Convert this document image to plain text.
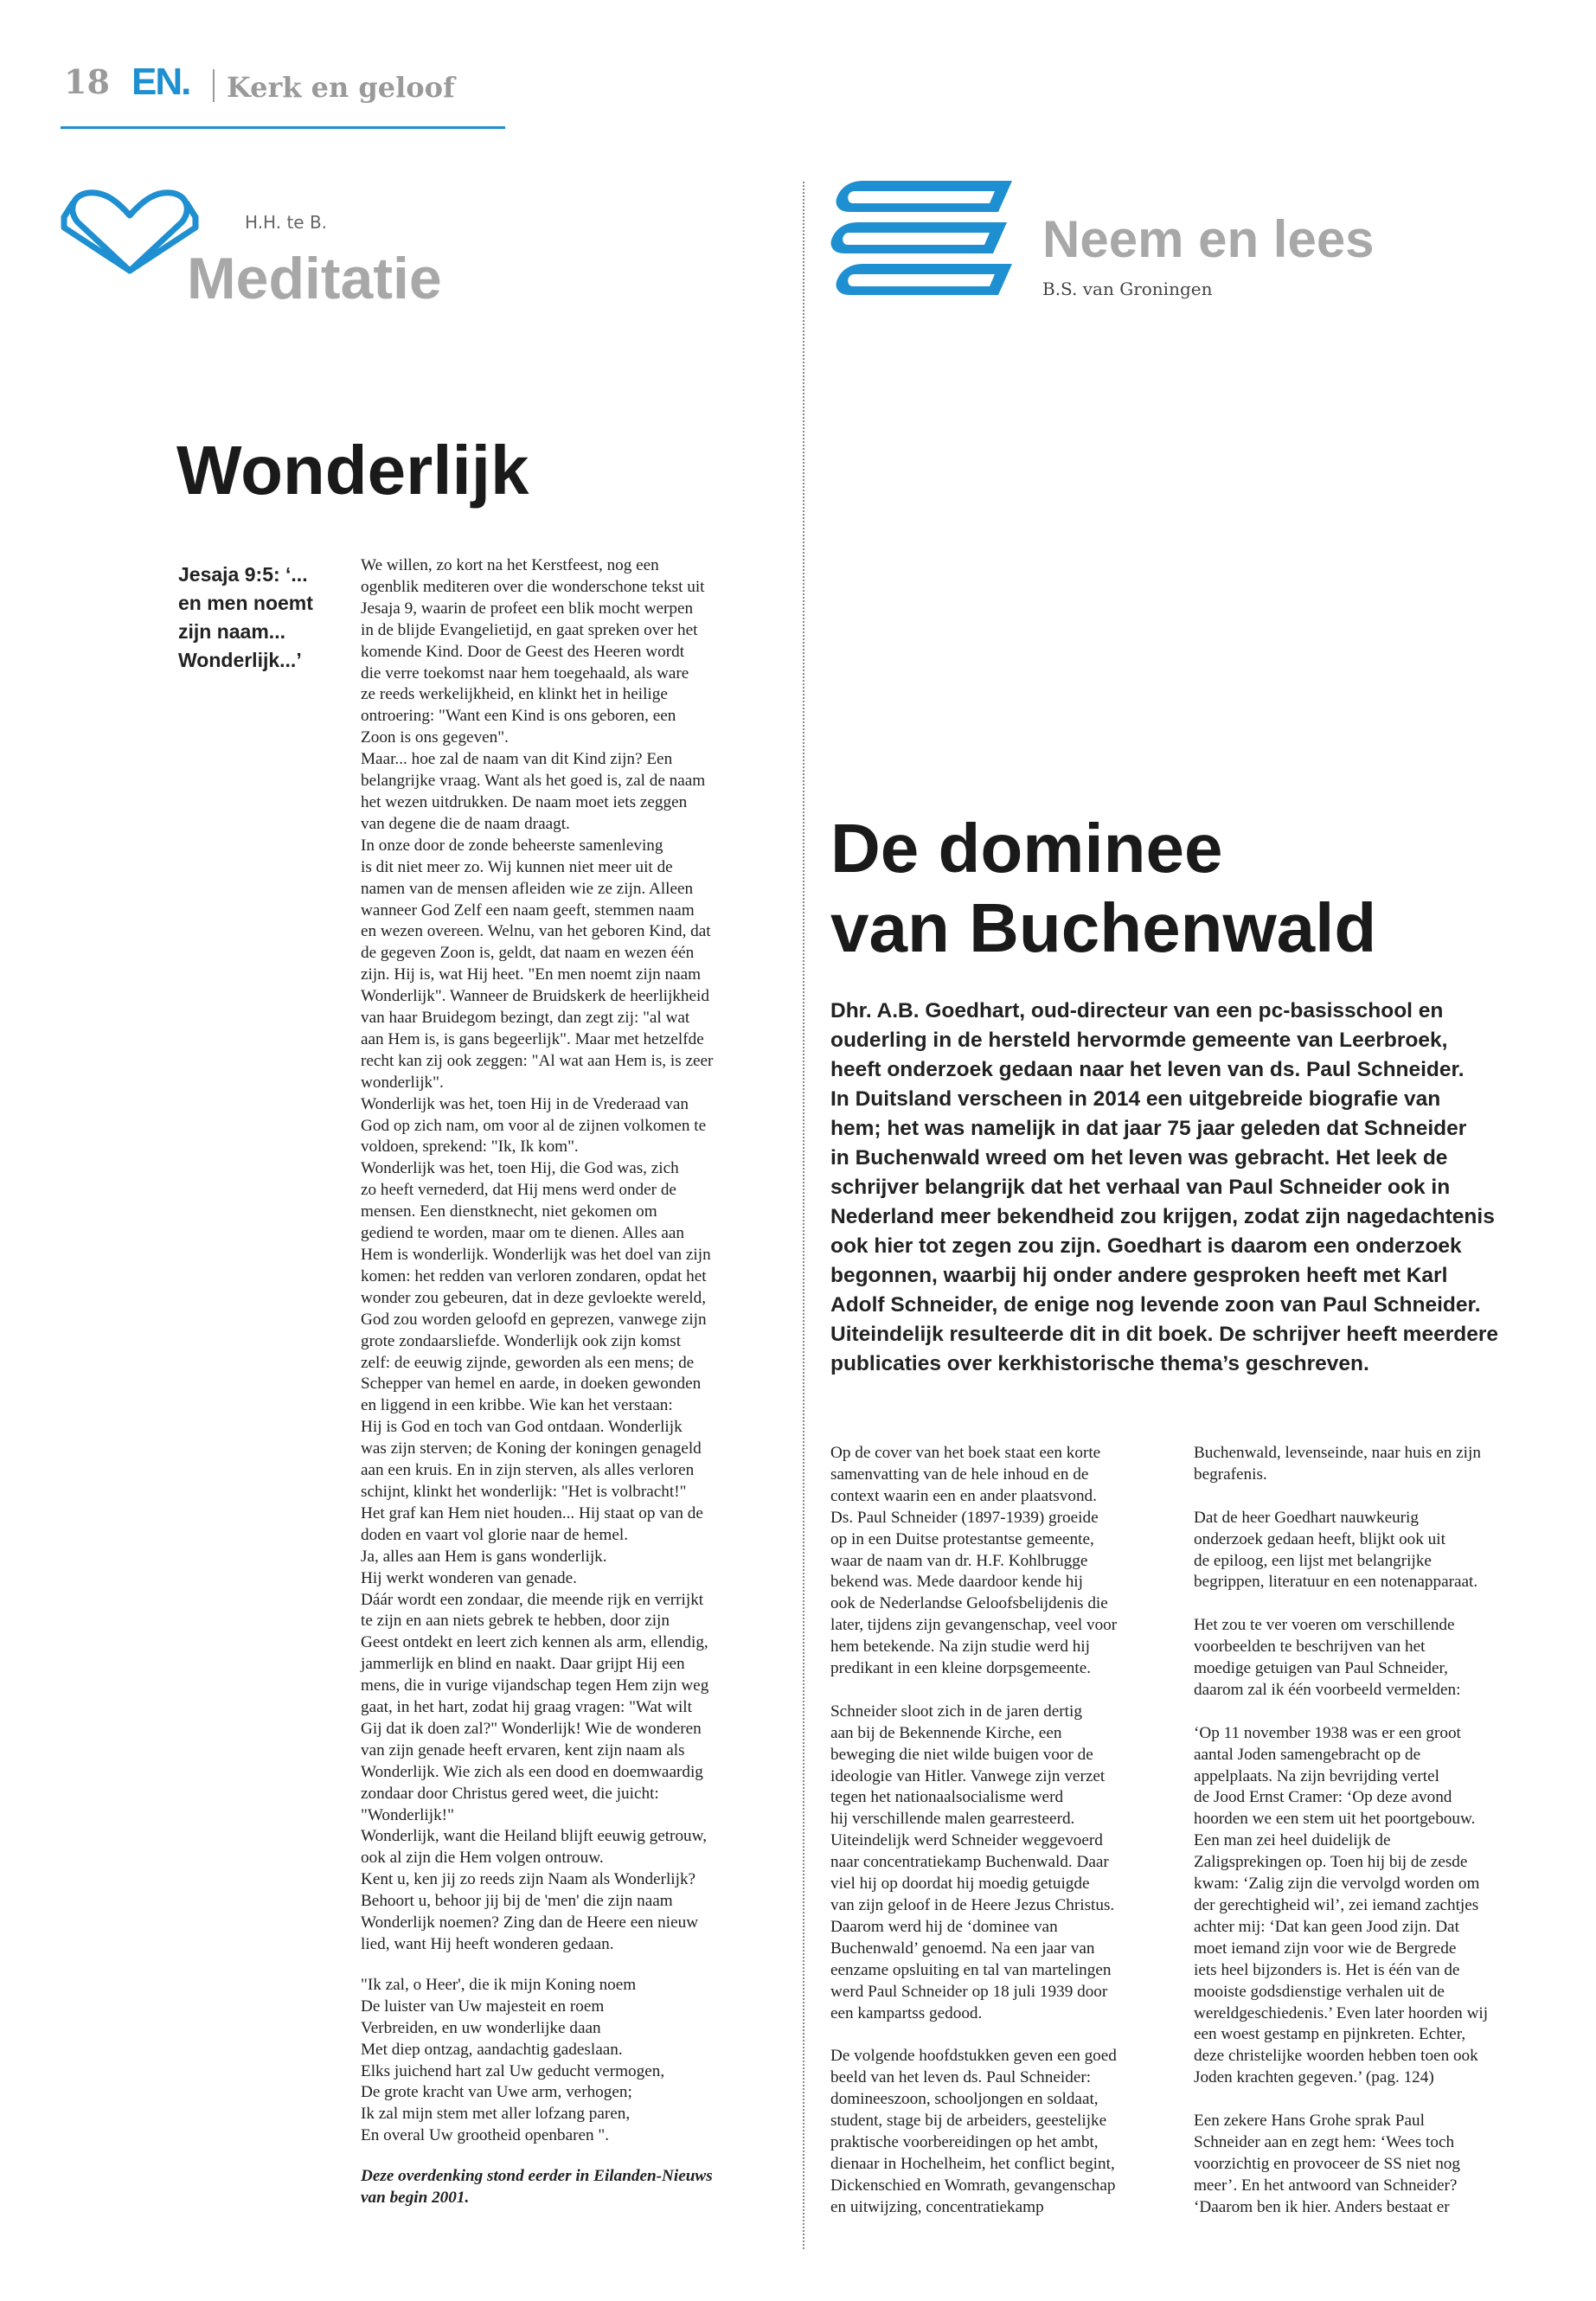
18 EN. Kerk en geloof
H.H. te B.
Meditatie
Wonderlijk
Jesaja 9:5: ‘...
en men noemt
zijn naam...
Wonderlijk...’
We willen, zo kort na het Kerstfeest, nog een
ogenblik mediteren over die wonderschone tekst uit
Jesaja 9, waarin de profeet een blik mocht werpen
in de blijde Evangelietijd, en gaat spreken over het
komende Kind. Door de Geest des Heeren wordt
die verre toekomst naar hem toegehaald, als ware
ze reeds werkelijkheid, en klinkt het in heilige
ontroering: "Want een Kind is ons geboren, een
Zoon is ons gegeven".
Maar... hoe zal de naam van dit Kind zijn? Een
belangrijke vraag. Want als het goed is, zal de naam
het wezen uitdrukken. De naam moet iets zeggen
van degene die de naam draagt.
In onze door de zonde beheerste samenleving
is dit niet meer zo. Wij kunnen niet meer uit de
namen van de mensen afleiden wie ze zijn. Alleen
wanneer God Zelf een naam geeft, stemmen naam
en wezen overeen. Welnu, van het geboren Kind, dat
de gegeven Zoon is, geldt, dat naam en wezen één
zijn. Hij is, wat Hij heet. "En men noemt zijn naam
Wonderlijk". Wanneer de Bruidskerk de heerlijkheid
van haar Bruidegom bezingt, dan zegt zij: "al wat
aan Hem is, is gans begeerlijk". Maar met hetzelfde
recht kan zij ook zeggen: "Al wat aan Hem is, is zeer
wonderlijk".
Wonderlijk was het, toen Hij in de Vrederaad van
God op zich nam, om voor al de zijnen volkomen te
voldoen, sprekend: "Ik, Ik kom".
Wonderlijk was het, toen Hij, die God was, zich
zo heeft vernederd, dat Hij mens werd onder de
mensen. Een dienstknecht, niet gekomen om
gediend te worden, maar om te dienen. Alles aan
Hem is wonderlijk. Wonderlijk was het doel van zijn
komen: het redden van verloren zondaren, opdat het
wonder zou gebeuren, dat in deze gevloekte wereld,
God zou worden geloofd en geprezen, vanwege zijn
grote zondaarsliefde. Wonderlijk ook zijn komst
zelf: de eeuwig zijnde, geworden als een mens; de
Schepper van hemel en aarde, in doeken gewonden
en liggend in een kribbe. Wie kan het verstaan:
Hij is God en toch van God ontdaan. Wonderlijk
was zijn sterven; de Koning der koningen genageld
aan een kruis. En in zijn sterven, als alles verloren
schijnt, klinkt het wonderlijk: "Het is volbracht!"
Het graf kan Hem niet houden... Hij staat op van de
doden en vaart vol glorie naar de hemel.
Ja, alles aan Hem is gans wonderlijk.
Hij werkt wonderen van genade.
Dáár wordt een zondaar, die meende rijk en verrijkt
te zijn en aan niets gebrek te hebben, door zijn
Geest ontdekt en leert zich kennen als arm, ellendig,
jammerlijk en blind en naakt. Daar grijpt Hij een
mens, die in vurige vijandschap tegen Hem zijn weg
gaat, in het hart, zodat hij graag vragen: "Wat wilt
Gij dat ik doen zal?" Wonderlijk! Wie de wonderen
van zijn genade heeft ervaren, kent zijn naam als
Wonderlijk. Wie zich als een dood en doemwaardig
zondaar door Christus gered weet, die juicht:
"Wonderlijk!"
Wonderlijk, want die Heiland blijft eeuwig getrouw,
ook al zijn die Hem volgen ontrouw.
Kent u, ken jij zo reeds zijn Naam als Wonderlijk?
Behoort u, behoor jij bij de 'men' die zijn naam
Wonderlijk noemen? Zing dan de Heere een nieuw
lied, want Hij heeft wonderen gedaan.
"Ik zal, o Heer', die ik mijn Koning noem
De luister van Uw majesteit en roem
Verbreiden, en uw wonderlijke daan
Met diep ontzag, aandachtig gadeslaan.
Elks juichend hart zal Uw geducht vermogen,
De grote kracht van Uwe arm, verhogen;
Ik zal mijn stem met aller lofzang paren,
En overal Uw grootheid openbaren ".
Deze overdenking stond eerder in Eilanden-Nieuws
van begin 2001.
Neem en lees
B.S. van Groningen
De dominee
van Buchenwald
Dhr. A.B. Goedhart, oud-directeur van een pc-basisschool en
ouderling in de hersteld hervormde gemeente van Leerbroek,
heeft onderzoek gedaan naar het leven van ds. Paul Schneider.
In Duitsland verscheen in 2014 een uitgebreide biografie van
hem; het was namelijk in dat jaar 75 jaar geleden dat Schneider
in Buchenwald wreed om het leven was gebracht. Het leek de
schrijver belangrijk dat het verhaal van Paul Schneider ook in
Nederland meer bekendheid zou krijgen, zodat zijn nagedachtenis
ook hier tot zegen zou zijn. Goedhart is daarom een onderzoek
begonnen, waarbij hij onder andere gesproken heeft met Karl
Adolf Schneider, de enige nog levende zoon van Paul Schneider.
Uiteindelijk resulteerde dit in dit boek. De schrijver heeft meerdere
publicaties over kerkhistorische thema’s geschreven.

Op de cover van het boek staat een korte
samenvatting van de hele inhoud en de
context waarin een en ander plaatsvond.
Ds. Paul Schneider (1897-1939) groeide
op in een Duitse protestantse gemeente,
waar de naam van dr. H.F. Kohlbrugge
bekend was. Mede daardoor kende hij
ook de Nederlandse Geloofsbelijdenis die
later, tijdens zijn gevangenschap, veel voor
hem betekende. Na zijn studie werd hij
predikant in een kleine dorpsgemeente.

Schneider sloot zich in de jaren dertig
aan bij de Bekennende Kirche, een
beweging die niet wilde buigen voor de
ideologie van Hitler. Vanwege zijn verzet
tegen het nationaalsocialisme werd
hij verschillende malen gearresteerd.
Uiteindelijk werd Schneider weggevoerd
naar concentratiekamp Buchenwald. Daar
viel hij op doordat hij moedig getuigde
van zijn geloof in de Heere Jezus Christus.
Daarom werd hij de ‘dominee van
Buchenwald’ genoemd. Na een jaar van
eenzame opsluiting en tal van martelingen
werd Paul Schneider op 18 juli 1939 door
een kampartss gedood.

De volgende hoofdstukken geven een goed
beeld van het leven ds. Paul Schneider:
domineeszoon, schooljongen en soldaat,
student, stage bij de arbeiders, geestelijke
praktische voorbereidingen op het ambt,
dienaar in Hochelheim, het conflict begint,
Dickenschied en Womrath, gevangenschap
en uitwijzing, concentratiekamp

Buchenwald, levenseinde, naar huis en zijn
begrafenis.

Dat de heer Goedhart nauwkeurig
onderzoek gedaan heeft, blijkt ook uit
de epiloog, een lijst met belangrijke
begrippen, literatuur en een notenapparaat.

Het zou te ver voeren om verschillende
voorbeelden te beschrijven van het
moedige getuigen van Paul Schneider,
daarom zal ik één voorbeeld vermelden:

‘Op 11 november 1938 was er een groot
aantal Joden samengebracht op de
appelplaats. Na zijn bevrijding vertel
de Jood Ernst Cramer: ‘Op deze avond
hoorden we een stem uit het poortgebouw.
Een man zei heel duidelijk de
Zaligsprekingen op. Toen hij bij de zesde
kwam: ‘Zalig zijn die vervolgd worden om
der gerechtigheid wil’, zei iemand zachtjes
achter mij: ‘Dat kan geen Jood zijn. Dat
moet iemand zijn voor wie de Bergrede
iets heel bijzonders is. Het is één van de
mooiste godsdienstige verhalen uit de
wereldgeschiedenis.’ Even later hoorden wij
een woest gestamp en pijnkreten. Echter,
deze christelijke woorden hebben toen ook
Joden krachten gegeven.’ (pag. 124)

Een zekere Hans Grohe sprak Paul
Schneider aan en zegt hem: ‘Wees toch
voorzichtig en provoceer de SS niet nog
meer’. En het antwoord van Schneider?
‘Daarom ben ik hier. Anders bestaat er
